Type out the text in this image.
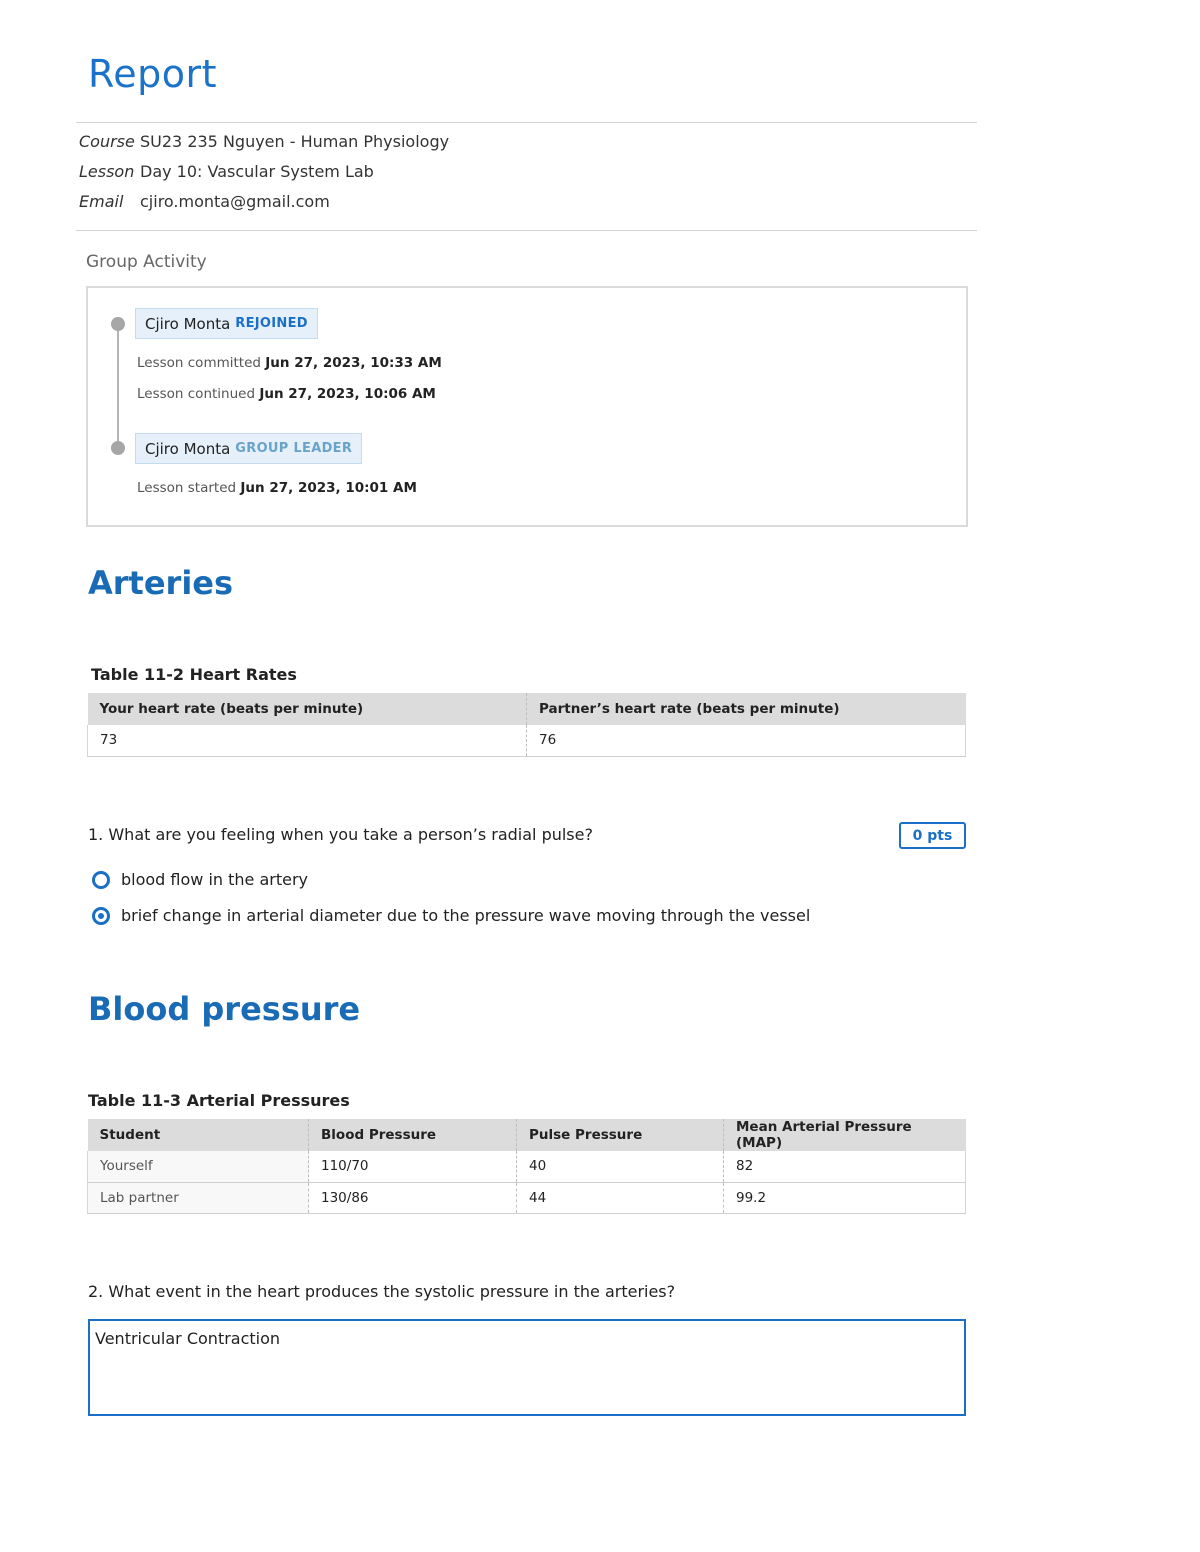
Report
Course SU23 235 Nguyen - Human Physiology
Lesson Day 10: Vascular System Lab
Email	cjiro.monta@gmail.com
Group Activity
Cjiro Monta REJOINED
Lesson committed Jun 27, 2023, 10:33 AM
Lesson continued Jun 27, 2023, 10:06 AM
Cjiro Monta GROUP LEADER
Lesson started Jun 27, 2023, 10:01 AM
Arteries
Table 11-2 Heart Rates
Your heart rate (beats per minute)	Partner’s heart rate (beats per minute)
73	76
1. What are you feeling when you take a person’s radial pulse?	0 pts
blood flow in the artery
brief change in arterial diameter due to the pressure wave moving through the vessel
Blood pressure
Table 11-3 Arterial Pressures
Student	Blood Pressure	Pulse Pressure	Mean Arterial Pressure (MAP)
Yourself	110/70	40	82
Lab partner	130/86	44	99.2
2. What event in the heart produces the systolic pressure in the arteries?
Ventricular Contraction
